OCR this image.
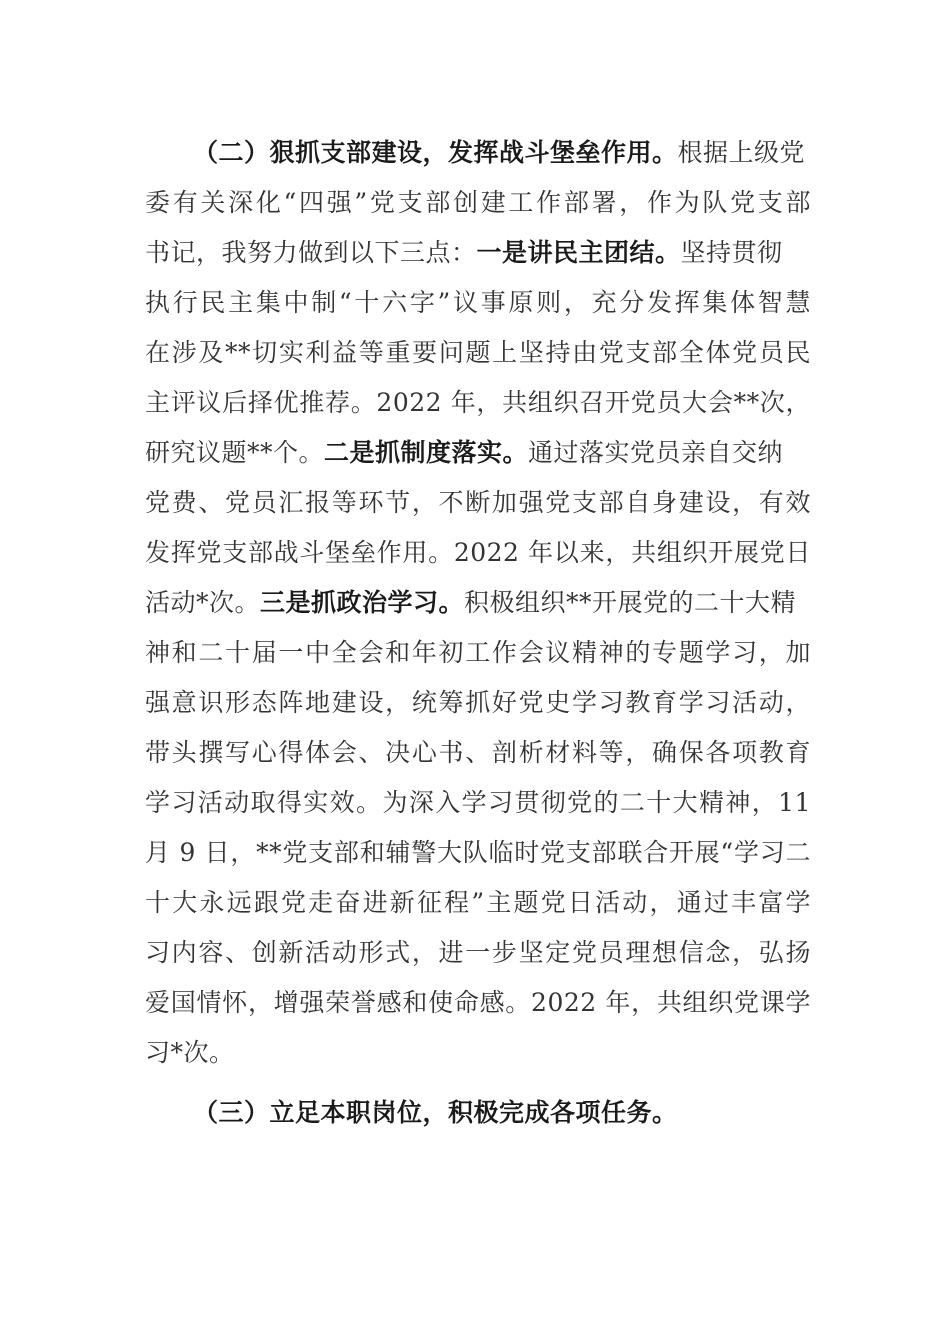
（二）狠抓支部建设，发挥战斗堡垒作用。根据上级党
委有关深化“四强”党支部创建工作部署，作为队党支部
书记，我努力做到以下三点：一是讲民主团结。坚持贯彻
执行民主集中制“十六字”议事原则，充分发挥集体智慧
在涉及**切实利益等重要问题上坚持由党支部全体党员民
主评议后择优推荐。2022 年，共组织召开党员大会**次，
研究议题**个。二是抓制度落实。通过落实党员亲自交纳
党费、党员汇报等环节，不断加强党支部自身建设，有效
发挥党支部战斗堡垒作用。2022 年以来，共组织开展党日
活动*次。三是抓政治学习。积极组织**开展党的二十大精
神和二十届一中全会和年初工作会议精神的专题学习，加
强意识形态阵地建设，统筹抓好党史学习教育学习活动，
带头撰写心得体会、决心书、剖析材料等，确保各项教育
学习活动取得实效。为深入学习贯彻党的二十大精神，11
月 9 日，**党支部和辅警大队临时党支部联合开展“学习二
十大永远跟党走奋进新征程”主题党日活动，通过丰富学
习内容、创新活动形式，进一步坚定党员理想信念，弘扬
爱国情怀，增强荣誉感和使命感。2022 年，共组织党课学
习*次。
（三）立足本职岗位，积极完成各项任务。
